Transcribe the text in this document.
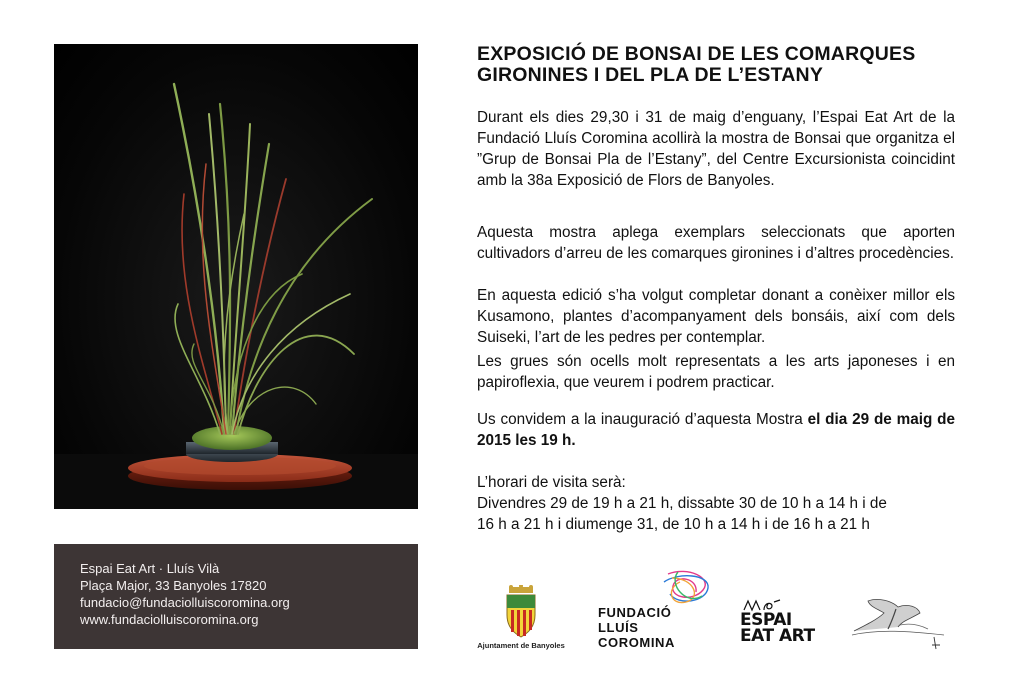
Espai Eat Art · Lluís Vilà
Plaça Major, 33 Banyoles 17820
fundacio@fundaciolluiscoromina.org
www.fundaciolluiscoromina.org
EXPOSICIÓ DE BONSAI DE LES COMARQUES
GIRONINES I DEL PLA DE L’ESTANY

Durant els dies 29,30 i 31 de maig d’enguany, l’Espai Eat Art de la Fundació Lluís Coromina acollirà la mostra de Bonsai que organitza el ”Grup de Bonsai Pla de l’Estany”, del Centre Excursionista coincidint amb la 38a Exposició de Flors de Banyoles.

Aquesta mostra aplega exemplars seleccionats que aporten cultivadors d’arreu de les comarques gironines i d’altres procedències.

En aquesta edició s’ha volgut completar donant a conèixer millor els Kusamono, plantes d’acompanyament dels bonsáis, així com dels Suiseki, l’art de les pedres per contemplar.

Les grues són ocells molt representats a les arts japoneses i en papiroflexia, que veurem i podrem practicar.

Us convidem a la inauguració d’aquesta Mostra el dia 29 de maig de 2015 les 19 h.

L’horari de visita serà:
Divendres 29 de 19 h a 21 h, dissabte 30 de 10 h a 14 h i de
16 h a 21 h i diumenge 31, de 10 h a 14 h i de 16 h a 21 h
Ajuntament de Banyoles
FUNDACIÓ
LLUÍS
COROMINA
ESPAI
EAT ART
